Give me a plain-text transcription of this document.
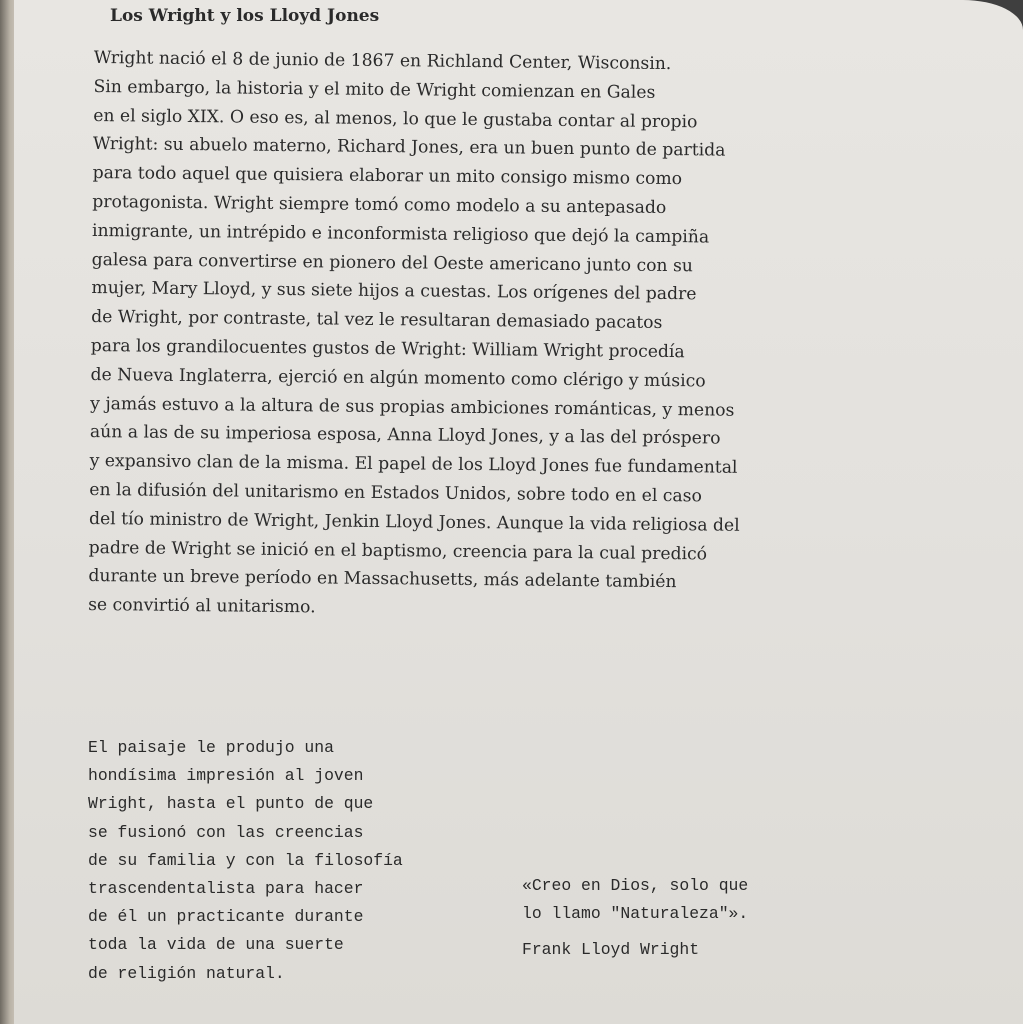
Los Wright y los Lloyd Jones
Wright nació el 8 de junio de 1867 en Richland Center, Wisconsin.
Sin embargo, la historia y el mito de Wright comienzan en Gales
en el siglo XIX. O eso es, al menos, lo que le gustaba contar al propio
Wright: su abuelo materno, Richard Jones, era un buen punto de partida
para todo aquel que quisiera elaborar un mito consigo mismo como
protagonista. Wright siempre tomó como modelo a su antepasado
inmigrante, un intrépido e inconformista religioso que dejó la campiña
galesa para convertirse en pionero del Oeste americano junto con su
mujer, Mary Lloyd, y sus siete hijos a cuestas. Los orígenes del padre
de Wright, por contraste, tal vez le resultaran demasiado pacatos
para los grandilocuentes gustos de Wright: William Wright procedía
de Nueva Inglaterra, ejerció en algún momento como clérigo y músico
y jamás estuvo a la altura de sus propias ambiciones románticas, y menos
aún a las de su imperiosa esposa, Anna Lloyd Jones, y a las del próspero
y expansivo clan de la misma. El papel de los Lloyd Jones fue fundamental
en la difusión del unitarismo en Estados Unidos, sobre todo en el caso
del tío ministro de Wright, Jenkin Lloyd Jones. Aunque la vida religiosa del
padre de Wright se inició en el baptismo, creencia para la cual predicó
durante un breve período en Massachusetts, más adelante también
se convirtió al unitarismo.
El paisaje le produjo una
hondísima impresión al joven
Wright, hasta el punto de que
se fusionó con las creencias
de su familia y con la filosofía
trascendentalista para hacer
de él un practicante durante
toda la vida de una suerte
de religión natural.
«Creo en Dios, solo que
lo llamo "Naturaleza"».
Frank Lloyd Wright
